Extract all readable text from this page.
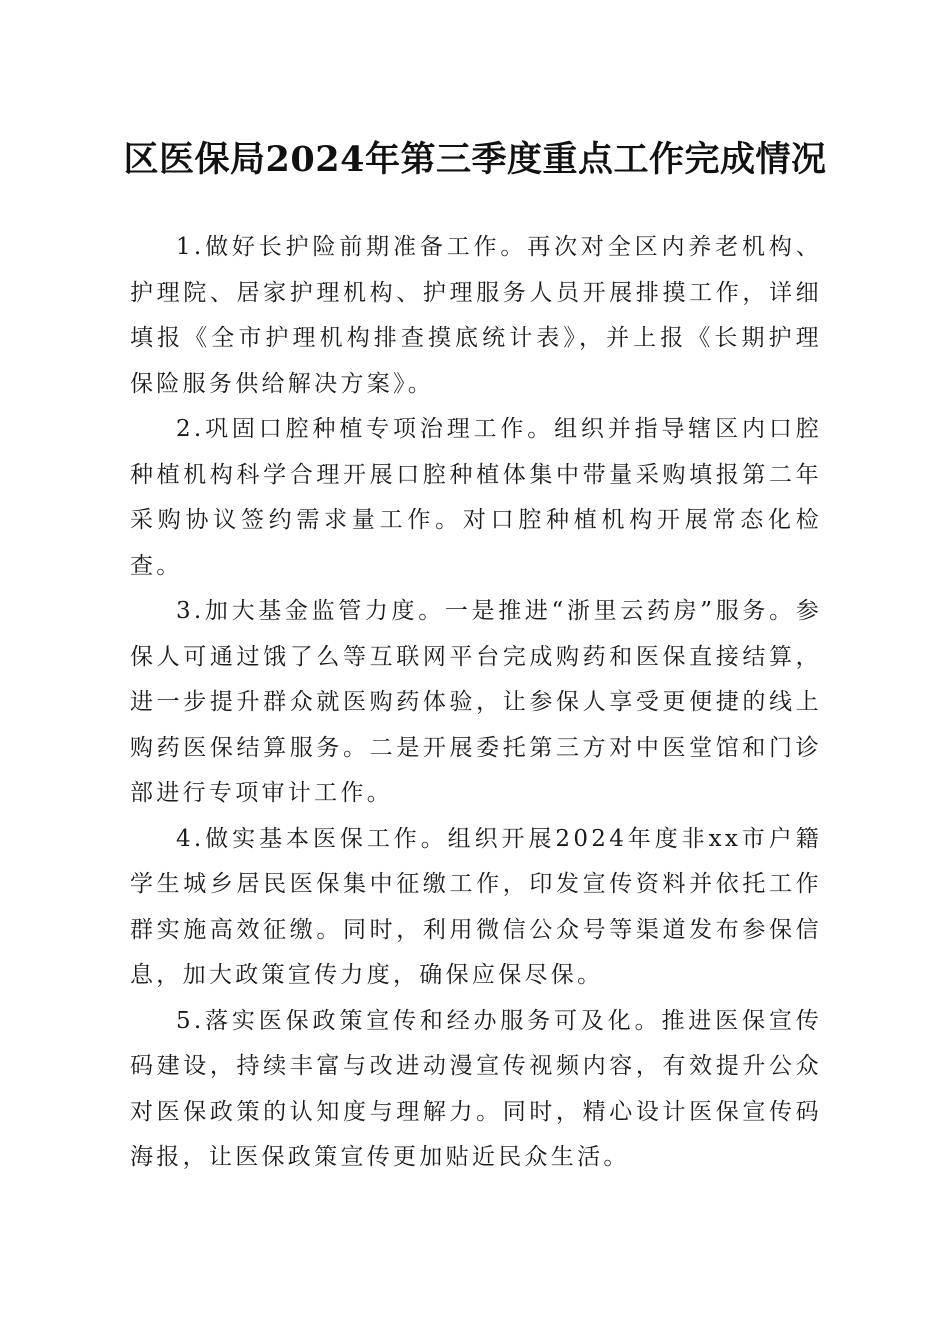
区医保局2024年第三季度重点工作完成情况

1.做好长护险前期准备工作。再次对全区内养老机构、护理院、居家护理机构、护理服务人员开展排摸工作，详细填报《全市护理机构排查摸底统计表》，并上报《长期护理保险服务供给解决方案》。

2.巩固口腔种植专项治理工作。组织并指导辖区内口腔种植机构科学合理开展口腔种植体集中带量采购填报第二年采购协议签约需求量工作。对口腔种植机构开展常态化检查。

3.加大基金监管力度。一是推进“浙里云药房”服务。参保人可通过饿了么等互联网平台完成购药和医保直接结算，进一步提升群众就医购药体验，让参保人享受更便捷的线上购药医保结算服务。二是开展委托第三方对中医堂馆和门诊部进行专项审计工作。

4.做实基本医保工作。组织开展2024年度非xx市户籍学生城乡居民医保集中征缴工作，印发宣传资料并依托工作群实施高效征缴。同时，利用微信公众号等渠道发布参保信息，加大政策宣传力度，确保应保尽保。

5.落实医保政策宣传和经办服务可及化。推进医保宣传码建设，持续丰富与改进动漫宣传视频内容，有效提升公众对医保政策的认知度与理解力。同时，精心设计医保宣传码海报，让医保政策宣传更加贴近民众生活。
